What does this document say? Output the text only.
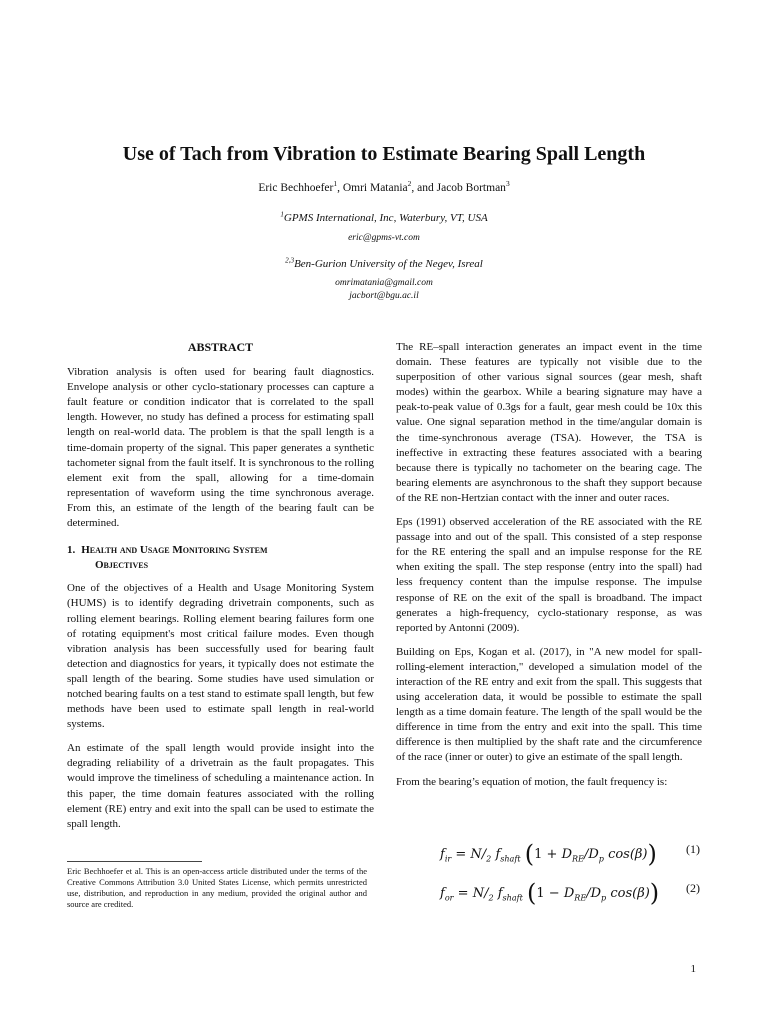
Use of Tach from Vibration to Estimate Bearing Spall Length
Eric Bechhoefer$^1$, Omri Matania$^2$, and Jacob Bortman$^3$
$^1$GPMS International, Inc, Waterbury, VT, USA
eric@gpms-vt.com
$^{2,3}$Ben-Gurion University of the Negev, Isreal
omrimatania@gmail.com
jacbort@bgu.ac.il
ABSTRACT

Vibration analysis is often used for bearing fault diagnostics. Envelope analysis or other cyclo-stationary processes can capture a fault feature or condition indicator that is correlated to the spall length. However, no study has defined a process for estimating spall length on real-world data. The problem is that the spall length is a time-domain property of the signal. This paper generates a synthetic tachometer signal from the fault itself. It is synchronous to the rolling element exit from the spall, allowing for a time-domain representation of waveform using the time synchronous average. From this, an estimate of the length of the bearing fault can be determined.

1. Health and Usage Monitoring System
Objectives

One of the objectives of a Health and Usage Monitoring System (HUMS) is to identify degrading drivetrain components, such as rolling element bearings. Rolling element bearing failures form one of rotating equipment's most critical failure modes. Even though vibration analysis has been successfully used for bearing fault detection and diagnostics for years, it typically does not estimate the spall length of the bearing. Some studies have used simulation or notched bearing faults on a test stand to estimate spall length, but few methods have been used to estimate spall length in real-world systems.

An estimate of the spall length would provide insight into the degrading reliability of a drivetrain as the fault propagates. This would improve the timeliness of scheduling a maintenance action. In this paper, the time domain features associated with the rolling element (RE) entry and exit into the spall can be used to estimate the spall length.

Eric Bechhoefer et al. This is an open-access article distributed under the terms of the Creative Commons Attribution 3.0 United States License, which permits unrestricted use, distribution, and reproduction in any medium, provided the original author and source are credited.

The RE–spall interaction generates an impact event in the time domain. These features are typically not visible due to the superposition of other various signal sources (gear mesh, shaft modes) within the gearbox. While a bearing signature may have a peak-to-peak value of 0.3gs for a fault, gear mesh could be 10x this value. One signal separation method in the time/angular domain is the time-synchronous average (TSA). However, the TSA is ineffective in extracting these features associated with a bearing because there is typically no tachometer on the bearing cage. The bearing elements are asynchronous to the shaft they support because of the RE non-Hertzian contact with the inner and outer races.

Eps (1991) observed acceleration of the RE associated with the RE passage into and out of the spall. This consisted of a step response for the RE entering the spall and an impulse response for the RE when exiting the spall. The step response (entry into the spall) had less frequency content than the impulse response. The impulse response of RE on the exit of the spall is broadband. The impact generates a high-frequency, cyclo-stationary response, as was reported by Antonni (2009).

Building on Eps, Kogan et al. (2017), in "A new model for spall-rolling-element interaction," developed a simulation model of the interaction of the RE entry and exit from the spall. This suggests that using acceleration data, it would be possible to estimate the spall length as a time domain feature. The length of the spall would be the difference in time from the entry and exit into the spall. This time difference is then multiplied by the shaft rate and the circumference of the race (inner or outer) to give an estimate of the spall length.

From the bearing’s equation of motion, the fault frequency is:

$f_{ir} = N/_2$ $f_{shaft}$ ($1 + D_{RE}/D_p$ cos(β)) (1)
$f_{or} = N/_2$ $f_{shaft}$ ($1 - D_{RE}/D_p$ cos(β)) (2)
1
